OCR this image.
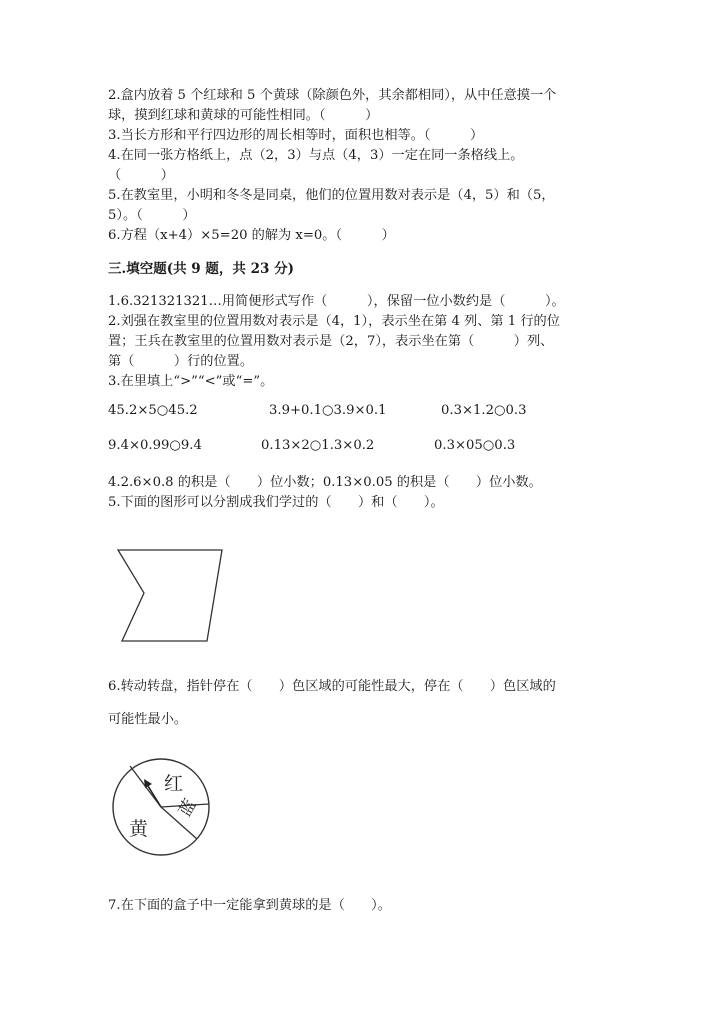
2.盒内放着 5 个红球和 5 个黄球（除颜色外，其余都相同），从中任意摸一个
球，摸到红球和黄球的可能性相同。（　　　）
3.当长方形和平行四边形的周长相等时，面积也相等。（　　　）
4.在同一张方格纸上，点（2，3）与点（4，3）一定在同一条格线上。
（　　　）
5.在教室里，小明和冬冬是同桌，他们的位置用数对表示是（4，5）和（5，
5）。（　　　）
6.方程（x+4）×5=20 的解为 x=0。（　　　）
三.填空题(共 9 题，共 23 分)
1.6.321321321…用简便形式写作（　　　），保留一位小数约是（　　　）。
2.刘强在教室里的位置用数对表示是（4，1），表示坐在第 4 列、第 1 行的位
置；王兵在教室里的位置用数对表示是（2，7），表示坐在第（　　　）列、
第（　　　）行的位置。
3.在里填上“>”“<”或“=”。
45.2×5○45.2	3.9+0.1○3.9×0.1	0.3×1.2○0.3
9.4×0.99○9.4	0.13×2○1.3×0.2	0.3×05○0.3
4.2.6×0.8 的积是（　　）位小数；0.13×0.05 的积是（　　）位小数。
5.下面的图形可以分割成我们学过的（　　）和（　　）。
6.转动转盘，指针停在（　　）色区域的可能性最大，停在（　　）色区域的
可能性最小。
红
蓝
黄
7.在下面的盒子中一定能拿到黄球的是（　　）。
